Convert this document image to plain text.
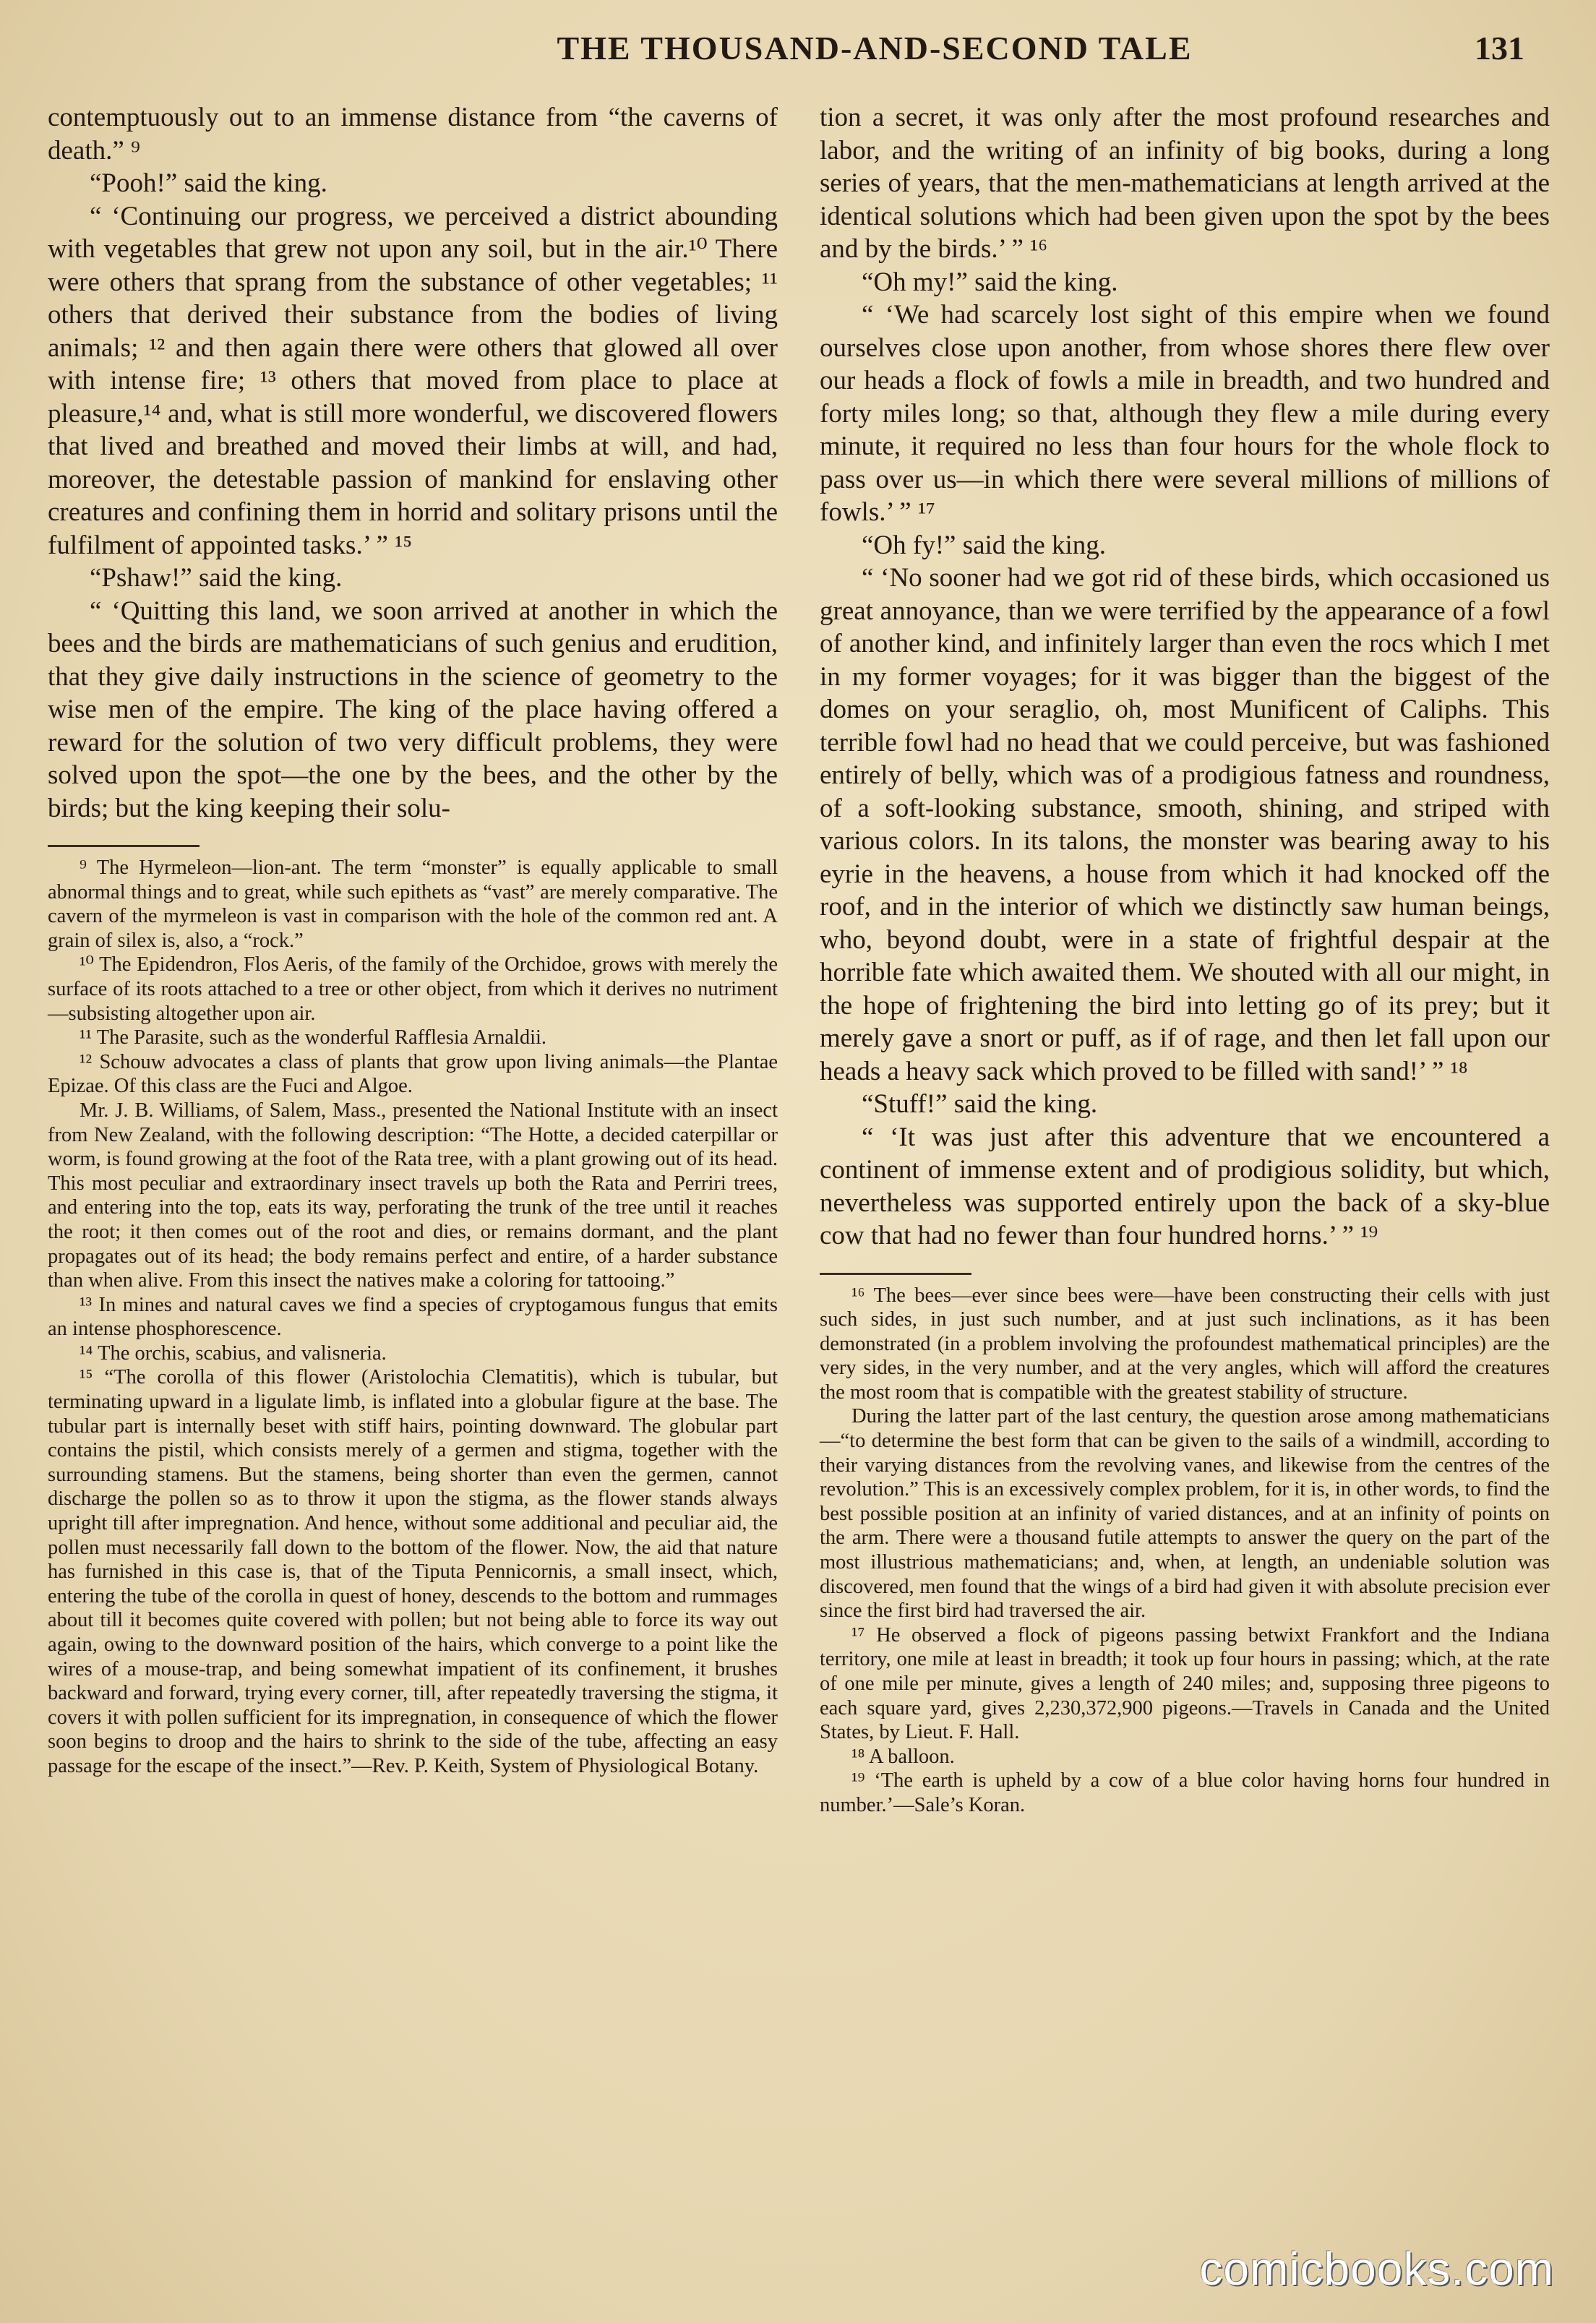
THE THOUSAND-AND-SECOND TALE	131

contemptuously out to an immense distance from “the caverns of death.” ⁹

“Pooh!” said the king.

“ ‘Continuing our progress, we perceived a district abounding with vegetables that grew not upon any soil, but in the air.¹⁰ There were others that sprang from the substance of other vegetables; ¹¹ others that derived their substance from the bodies of living animals; ¹² and then again there were others that glowed all over with intense fire; ¹³ others that moved from place to place at pleasure,¹⁴ and, what is still more wonderful, we discovered flowers that lived and breathed and moved their limbs at will, and had, moreover, the detestable passion of mankind for enslaving other creatures and confining them in horrid and solitary prisons until the fulfilment of appointed tasks.’ ” ¹⁵

“Pshaw!” said the king.

“ ‘Quitting this land, we soon arrived at another in which the bees and the birds are mathematicians of such genius and erudition, that they give daily instructions in the science of geometry to the wise men of the empire. The king of the place having offered a reward for the solution of two very difficult problems, they were solved upon the spot—the one by the bees, and the other by the birds; but the king keeping their solu-

⁹ The Hyrmeleon—lion-ant. The term “monster” is equally applicable to small abnormal things and to great, while such epithets as “vast” are merely comparative. The cavern of the myrmeleon is vast in comparison with the hole of the common red ant. A grain of silex is, also, a “rock.”

¹⁰ The Epidendron, Flos Aeris, of the family of the Orchidoe, grows with merely the surface of its roots attached to a tree or other object, from which it derives no nutriment—subsisting altogether upon air.

¹¹ The Parasite, such as the wonderful Rafflesia Arnaldii.

¹² Schouw advocates a class of plants that grow upon living animals—the Plantae Epizae. Of this class are the Fuci and Algoe.

Mr. J. B. Williams, of Salem, Mass., presented the National Institute with an insect from New Zealand, with the following description: “The Hotte, a decided caterpillar or worm, is found growing at the foot of the Rata tree, with a plant growing out of its head. This most peculiar and extraordinary insect travels up both the Rata and Perriri trees, and entering into the top, eats its way, perforating the trunk of the tree until it reaches the root; it then comes out of the root and dies, or remains dormant, and the plant propagates out of its head; the body remains perfect and entire, of a harder substance than when alive. From this insect the natives make a coloring for tattooing.”

¹³ In mines and natural caves we find a species of cryptogamous fungus that emits an intense phosphorescence.

¹⁴ The orchis, scabius, and valisneria.

¹⁵ “The corolla of this flower (Aristolochia Clematitis), which is tubular, but terminating upward in a ligulate limb, is inflated into a globular figure at the base. The tubular part is internally beset with stiff hairs, pointing downward. The globular part contains the pistil, which consists merely of a germen and stigma, together with the surrounding stamens. But the stamens, being shorter than even the germen, cannot discharge the pollen so as to throw it upon the stigma, as the flower stands always upright till after impregnation. And hence, without some additional and peculiar aid, the pollen must necessarily fall down to the bottom of the flower. Now, the aid that nature has furnished in this case is, that of the Tiputa Pennicornis, a small insect, which, entering the tube of the corolla in quest of honey, descends to the bottom and rummages about till it becomes quite covered with pollen; but not being able to force its way out again, owing to the downward position of the hairs, which converge to a point like the wires of a mouse-trap, and being somewhat impatient of its confinement, it brushes backward and forward, trying every corner, till, after repeatedly traversing the stigma, it covers it with pollen sufficient for its impregnation, in consequence of which the flower soon begins to droop and the hairs to shrink to the side of the tube, affecting an easy passage for the escape of the insect.”—Rev. P. Keith, System of Physiological Botany.

tion a secret, it was only after the most profound researches and labor, and the writing of an infinity of big books, during a long series of years, that the men-mathematicians at length arrived at the identical solutions which had been given upon the spot by the bees and by the birds.’ ” ¹⁶

“Oh my!” said the king.

“ ‘We had scarcely lost sight of this empire when we found ourselves close upon another, from whose shores there flew over our heads a flock of fowls a mile in breadth, and two hundred and forty miles long; so that, although they flew a mile during every minute, it required no less than four hours for the whole flock to pass over us—in which there were several millions of millions of fowls.’ ” ¹⁷

“Oh fy!” said the king.

“ ‘No sooner had we got rid of these birds, which occasioned us great annoyance, than we were terrified by the appearance of a fowl of another kind, and infinitely larger than even the rocs which I met in my former voyages; for it was bigger than the biggest of the domes on your seraglio, oh, most Munificent of Caliphs. This terrible fowl had no head that we could perceive, but was fashioned entirely of belly, which was of a prodigious fatness and roundness, of a soft-looking substance, smooth, shining, and striped with various colors. In its talons, the monster was bearing away to his eyrie in the heavens, a house from which it had knocked off the roof, and in the interior of which we distinctly saw human beings, who, beyond doubt, were in a state of frightful despair at the horrible fate which awaited them. We shouted with all our might, in the hope of frightening the bird into letting go of its prey; but it merely gave a snort or puff, as if of rage, and then let fall upon our heads a heavy sack which proved to be filled with sand!’ ” ¹⁸

“Stuff!” said the king.

“ ‘It was just after this adventure that we encountered a continent of immense extent and of prodigious solidity, but which, nevertheless was supported entirely upon the back of a sky-blue cow that had no fewer than four hundred horns.’ ” ¹⁹

¹⁶ The bees—ever since bees were—have been constructing their cells with just such sides, in just such number, and at just such inclinations, as it has been demonstrated (in a problem involving the profoundest mathematical principles) are the very sides, in the very number, and at the very angles, which will afford the creatures the most room that is compatible with the greatest stability of structure.

During the latter part of the last century, the question arose among mathematicians—“to determine the best form that can be given to the sails of a windmill, according to their varying distances from the revolving vanes, and likewise from the centres of the revolution.” This is an excessively complex problem, for it is, in other words, to find the best possible position at an infinity of varied distances, and at an infinity of points on the arm. There were a thousand futile attempts to answer the query on the part of the most illustrious mathematicians; and, when, at length, an undeniable solution was discovered, men found that the wings of a bird had given it with absolute precision ever since the first bird had traversed the air.

¹⁷ He observed a flock of pigeons passing betwixt Frankfort and the Indiana territory, one mile at least in breadth; it took up four hours in passing; which, at the rate of one mile per minute, gives a length of 240 miles; and, supposing three pigeons to each square yard, gives 2,230,372,900 pigeons.—Travels in Canada and the United States, by Lieut. F. Hall.

¹⁸ A balloon.

¹⁹ ‘The earth is upheld by a cow of a blue color having horns four hundred in number.’—Sale’s Koran.

comicbooks.com
